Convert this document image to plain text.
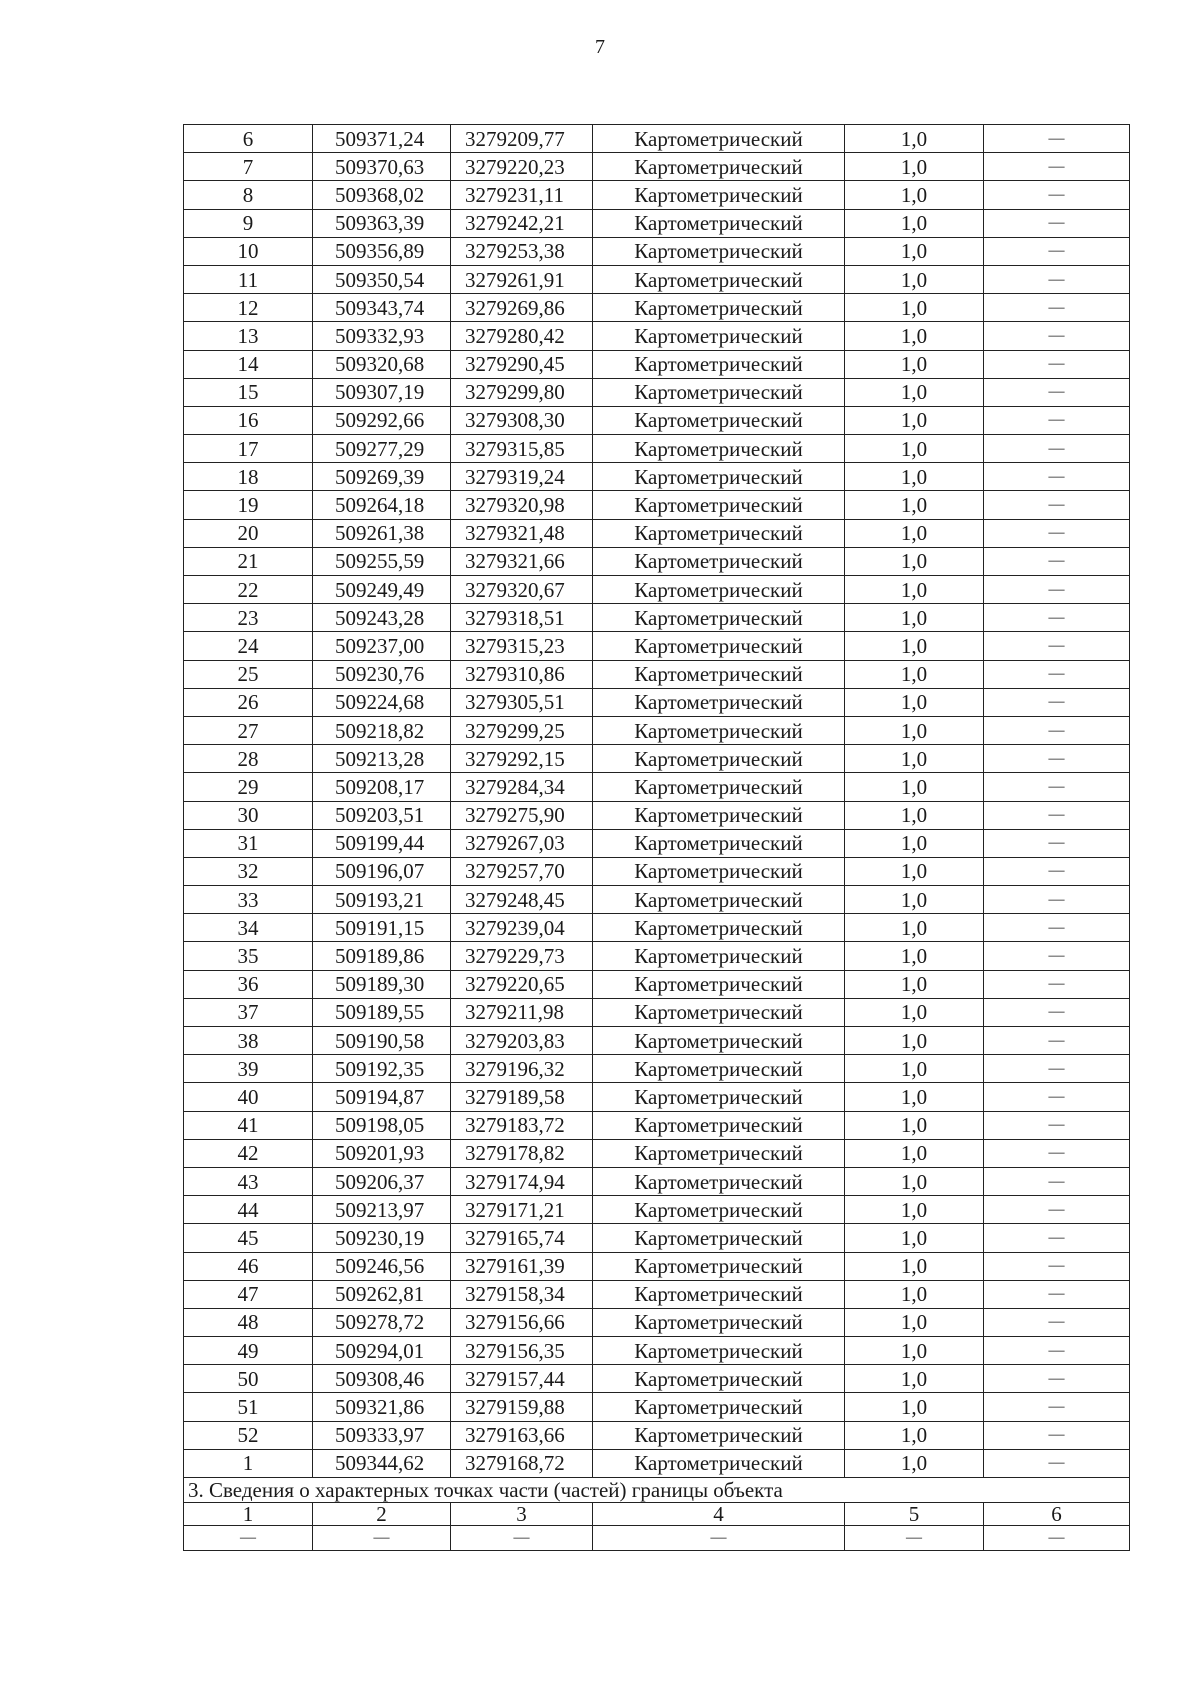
7
6	509371,24	3279209,77	Картометрический	1,0	—
7	509370,63	3279220,23	Картометрический	1,0	—
8	509368,02	3279231,11	Картометрический	1,0	—
9	509363,39	3279242,21	Картометрический	1,0	—
10	509356,89	3279253,38	Картометрический	1,0	—
11	509350,54	3279261,91	Картометрический	1,0	—
12	509343,74	3279269,86	Картометрический	1,0	—
13	509332,93	3279280,42	Картометрический	1,0	—
14	509320,68	3279290,45	Картометрический	1,0	—
15	509307,19	3279299,80	Картометрический	1,0	—
16	509292,66	3279308,30	Картометрический	1,0	—
17	509277,29	3279315,85	Картометрический	1,0	—
18	509269,39	3279319,24	Картометрический	1,0	—
19	509264,18	3279320,98	Картометрический	1,0	—
20	509261,38	3279321,48	Картометрический	1,0	—
21	509255,59	3279321,66	Картометрический	1,0	—
22	509249,49	3279320,67	Картометрический	1,0	—
23	509243,28	3279318,51	Картометрический	1,0	—
24	509237,00	3279315,23	Картометрический	1,0	—
25	509230,76	3279310,86	Картометрический	1,0	—
26	509224,68	3279305,51	Картометрический	1,0	—
27	509218,82	3279299,25	Картометрический	1,0	—
28	509213,28	3279292,15	Картометрический	1,0	—
29	509208,17	3279284,34	Картометрический	1,0	—
30	509203,51	3279275,90	Картометрический	1,0	—
31	509199,44	3279267,03	Картометрический	1,0	—
32	509196,07	3279257,70	Картометрический	1,0	—
33	509193,21	3279248,45	Картометрический	1,0	—
34	509191,15	3279239,04	Картометрический	1,0	—
35	509189,86	3279229,73	Картометрический	1,0	—
36	509189,30	3279220,65	Картометрический	1,0	—
37	509189,55	3279211,98	Картометрический	1,0	—
38	509190,58	3279203,83	Картометрический	1,0	—
39	509192,35	3279196,32	Картометрический	1,0	—
40	509194,87	3279189,58	Картометрический	1,0	—
41	509198,05	3279183,72	Картометрический	1,0	—
42	509201,93	3279178,82	Картометрический	1,0	—
43	509206,37	3279174,94	Картометрический	1,0	—
44	509213,97	3279171,21	Картометрический	1,0	—
45	509230,19	3279165,74	Картометрический	1,0	—
46	509246,56	3279161,39	Картометрический	1,0	—
47	509262,81	3279158,34	Картометрический	1,0	—
48	509278,72	3279156,66	Картометрический	1,0	—
49	509294,01	3279156,35	Картометрический	1,0	—
50	509308,46	3279157,44	Картометрический	1,0	—
51	509321,86	3279159,88	Картометрический	1,0	—
52	509333,97	3279163,66	Картометрический	1,0	—
1	509344,62	3279168,72	Картометрический	1,0	—
3. Сведения о характерных точках части (частей) границы объекта					
1	2	3	4	5	6
—	—	—	—	—	—
